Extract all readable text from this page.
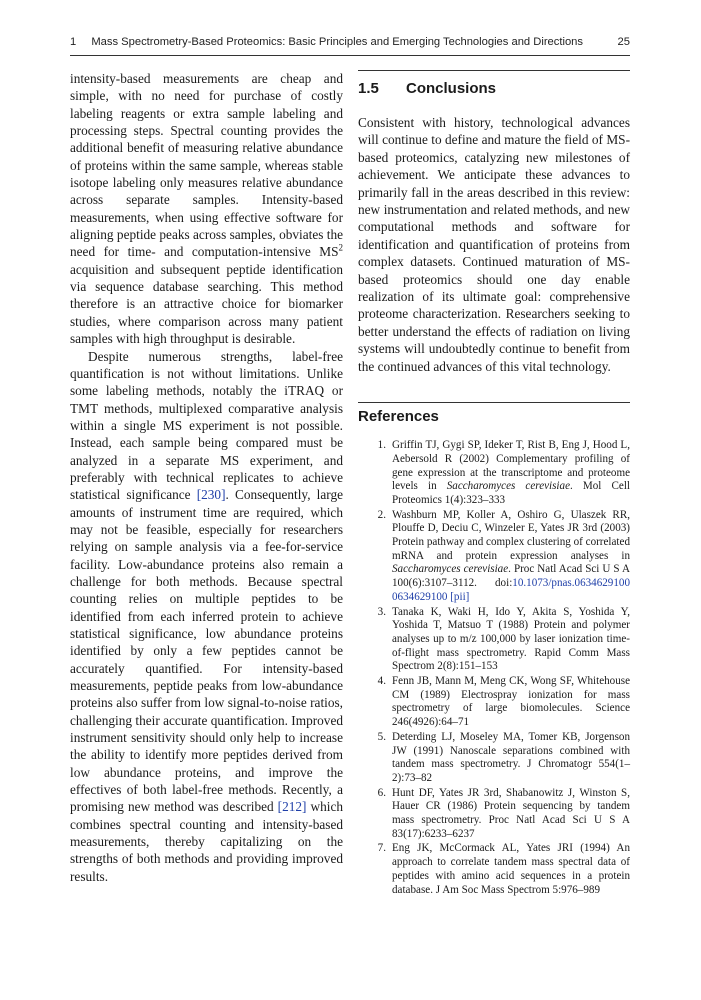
1 Mass Spectrometry-Based Proteomics: Basic Principles and Emerging Technologies and Directions	25

intensity-based measurements are cheap and simple, with no need for purchase of costly labeling reagents or extra sample labeling and processing steps. Spectral counting provides the additional benefit of measuring relative abundance of proteins within the same sample, whereas stable isotope labeling only measures relative abundance across separate samples. Intensity-based measurements, when using effective software for aligning peptide peaks across samples, obviates the need for time- and computation-intensive $MS^2$ acquisition and subsequent peptide identification via sequence database searching. This method therefore is an attractive choice for biomarker studies, where comparison across many patient samples with high throughput is desirable.

Despite numerous strengths, label-free quantification is not without limitations. Unlike some labeling methods, notably the iTRAQ or TMT methods, multiplexed comparative analysis within a single MS experiment is not possible. Instead, each sample being compared must be analyzed in a separate MS experiment, and preferably with technical replicates to achieve statistical significance [230]. Consequently, large amounts of instrument time are required, which may not be feasible, especially for researchers relying on sample analysis via a fee-for-service facility. Low-abundance proteins also remain a challenge for both methods. Because spectral counting relies on multiple peptides to be identified from each inferred protein to achieve statistical significance, low abundance proteins identified by only a few peptides cannot be accurately quantified. For intensity-based measurements, peptide peaks from low-abundance proteins also suffer from low signal-to-noise ratios, challenging their accurate quantification. Improved instrument sensitivity should only help to increase the ability to identify more peptides derived from low abundance proteins, and improve the effectives of both label-free methods. Recently, a promising new method was described [212] which combines spectral counting and intensity-based measurements, thereby capitalizing on the strengths of both methods and providing improved results.

1.5	Conclusions
Consistent with history, technological advances will continue to define and mature the field of MS-based proteomics, catalyzing new milestones of achievement. We anticipate these advances to primarily fall in the areas described in this review: new instrumentation and related methods, and new computational methods and software for identification and quantification of proteins from complex datasets. Continued maturation of MS-based proteomics should one day enable realization of its ultimate goal: comprehensive proteome characterization. Researchers seeking to better understand the effects of radiation on living systems will undoubtedly continue to benefit from the continued advances of this vital technology.
References
1. Griffin TJ, Gygi SP, Ideker T, Rist B, Eng J, Hood L, Aebersold R (2002) Complementary profiling of gene expression at the transcriptome and proteome levels in Saccharomyces cerevisiae. Mol Cell Proteomics 1(4):323–333
2. Washburn MP, Koller A, Oshiro G, Ulaszek RR, Plouffe D, Deciu C, Winzeler E, Yates JR 3rd (2003) Protein pathway and complex clustering of correlated mRNA and protein expression analyses in Saccharomyces cerevisiae. Proc Natl Acad Sci U S A 100(6):3107–3112. doi:10.1073/pnas.0634629100 0634629100 [pii]
3. Tanaka K, Waki H, Ido Y, Akita S, Yoshida Y, Yoshida T, Matsuo T (1988) Protein and polymer analyses up to m/z 100,000 by laser ionization time-of-flight mass spectrometry. Rapid Comm Mass Spectrom 2(8):151–153
4. Fenn JB, Mann M, Meng CK, Wong SF, Whitehouse CM (1989) Electrospray ionization for mass spectrometry of large biomolecules. Science 246(4926):64–71
5. Deterding LJ, Moseley MA, Tomer KB, Jorgenson JW (1991) Nanoscale separations combined with tandem mass spectrometry. J Chromatogr 554(1–2):73–82
6. Hunt DF, Yates JR 3rd, Shabanowitz J, Winston S, Hauer CR (1986) Protein sequencing by tandem mass spectrometry. Proc Natl Acad Sci U S A 83(17):6233–6237
7. Eng JK, McCormack AL, Yates JRI (1994) An approach to correlate tandem mass spectral data of peptides with amino acid sequences in a protein database. J Am Soc Mass Spectrom 5:976–989
